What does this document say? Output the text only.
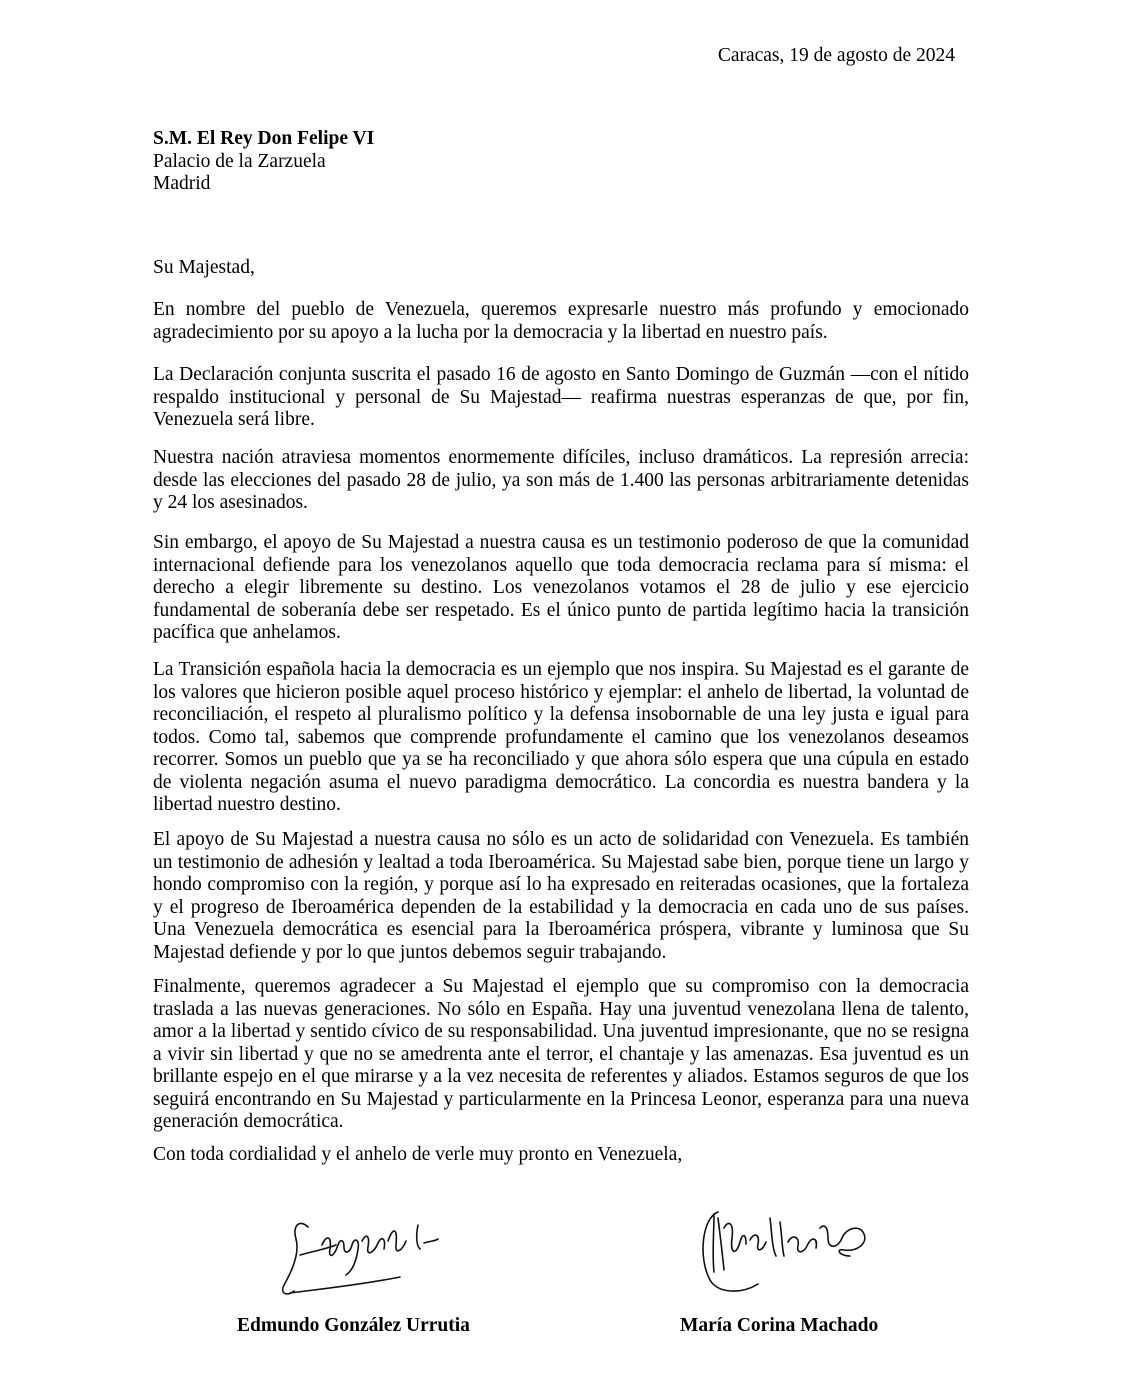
Caracas, 19 de agosto de 2024

S.M. El Rey Don Felipe VI
Palacio de la Zarzuela
Madrid

Su Majestad,

En nombre del pueblo de Venezuela, queremos expresarle nuestro más profundo y emocionado agradecimiento por su apoyo a la lucha por la democracia y la libertad en nuestro país.

La Declaración conjunta suscrita el pasado 16 de agosto en Santo Domingo de Guzmán —con el nítido respaldo institucional y personal de Su Majestad— reafirma nuestras esperanzas de que, por fin, Venezuela será libre.

Nuestra nación atraviesa momentos enormemente difíciles, incluso dramáticos. La represión arrecia: desde las elecciones del pasado 28 de julio, ya son más de 1.400 las personas arbitrariamente detenidas y 24 los asesinados.

Sin embargo, el apoyo de Su Majestad a nuestra causa es un testimonio poderoso de que la comunidad internacional defiende para los venezolanos aquello que toda democracia reclama para sí misma: el derecho a elegir libremente su destino. Los venezolanos votamos el 28 de julio y ese ejercicio fundamental de soberanía debe ser respetado. Es el único punto de partida legítimo hacia la transición pacífica que anhelamos.

La Transición española hacia la democracia es un ejemplo que nos inspira. Su Majestad es el garante de los valores que hicieron posible aquel proceso histórico y ejemplar: el anhelo de libertad, la voluntad de reconciliación, el respeto al pluralismo político y la defensa insobornable de una ley justa e igual para todos. Como tal, sabemos que comprende profundamente el camino que los venezolanos deseamos recorrer. Somos un pueblo que ya se ha reconciliado y que ahora sólo espera que una cúpula en estado de violenta negación asuma el nuevo paradigma democrático. La concordia es nuestra bandera y la libertad nuestro destino.

El apoyo de Su Majestad a nuestra causa no sólo es un acto de solidaridad con Venezuela. Es también un testimonio de adhesión y lealtad a toda Iberoamérica. Su Majestad sabe bien, porque tiene un largo y hondo compromiso con la región, y porque así lo ha expresado en reiteradas ocasiones, que la fortaleza y el progreso de Iberoamérica dependen de la estabilidad y la democracia en cada uno de sus países. Una Venezuela democrática es esencial para la Iberoamérica próspera, vibrante y luminosa que Su Majestad defiende y por lo que juntos debemos seguir trabajando.

Finalmente, queremos agradecer a Su Majestad el ejemplo que su compromiso con la democracia traslada a las nuevas generaciones. No sólo en España. Hay una juventud venezolana llena de talento, amor a la libertad y sentido cívico de su responsabilidad. Una juventud impresionante, que no se resigna a vivir sin libertad y que no se amedrenta ante el terror, el chantaje y las amenazas. Esa juventud es un brillante espejo en el que mirarse y a la vez necesita de referentes y aliados. Estamos seguros de que los seguirá encontrando en Su Majestad y particularmente en la Princesa Leonor, esperanza para una nueva generación democrática.

Con toda cordialidad y el anhelo de verle muy pronto en Venezuela,

Edmundo González Urrutia	María Corina Machado
